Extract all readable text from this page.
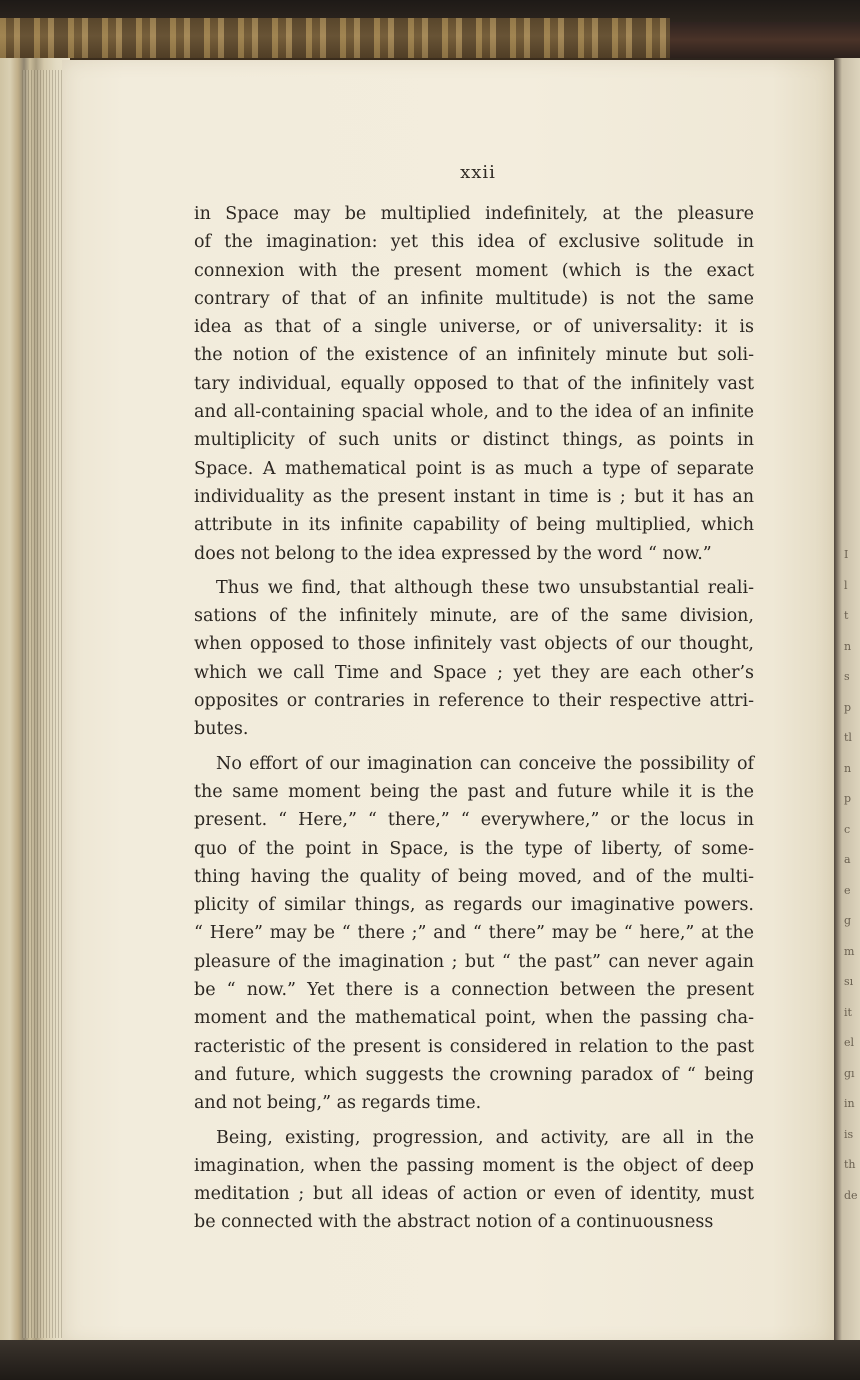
I
l
t
n
s
p
tl
n
p
c
a
e
g
m
sı
it
el
gı
in
is
th
de
xxii
in Space may be multiplied indefinitely, at the pleasure
of the imagination: yet this idea of exclusive solitude in
connexion with the present moment (which is the exact
contrary of that of an infinite multitude) is not the same
idea as that of a single universe, or of universality: it is
the notion of the existence of an infinitely minute but soli-
tary individual, equally opposed to that of the infinitely vast
and all-containing spacial whole, and to the idea of an infinite
multiplicity of such units or distinct things, as points in
Space. A mathematical point is as much a type of separate
individuality as the present instant in time is ; but it has an
attribute in its infinite capability of being multiplied, which
does not belong to the idea expressed by the word “ now.”
Thus we find, that although these two unsubstantial reali-
sations of the infinitely minute, are of the same division,
when opposed to those infinitely vast objects of our thought,
which we call Time and Space ; yet they are each other’s
opposites or contraries in reference to their respective attri-
butes.
No effort of our imagination can conceive the possibility of
the same moment being the past and future while it is the
present. “ Here,” “ there,” “ everywhere,” or the locus in
quo of the point in Space, is the type of liberty, of some-
thing having the quality of being moved, and of the multi-
plicity of similar things, as regards our imaginative powers.
“ Here” may be “ there ;” and “ there” may be “ here,” at the
pleasure of the imagination ; but “ the past” can never again
be “ now.” Yet there is a connection between the present
moment and the mathematical point, when the passing cha-
racteristic of the present is considered in relation to the past
and future, which suggests the crowning paradox of “ being
and not being,” as regards time.
Being, existing, progression, and activity, are all in the
imagination, when the passing moment is the object of deep
meditation ; but all ideas of action or even of identity, must
be connected with the abstract notion of a continuousness
